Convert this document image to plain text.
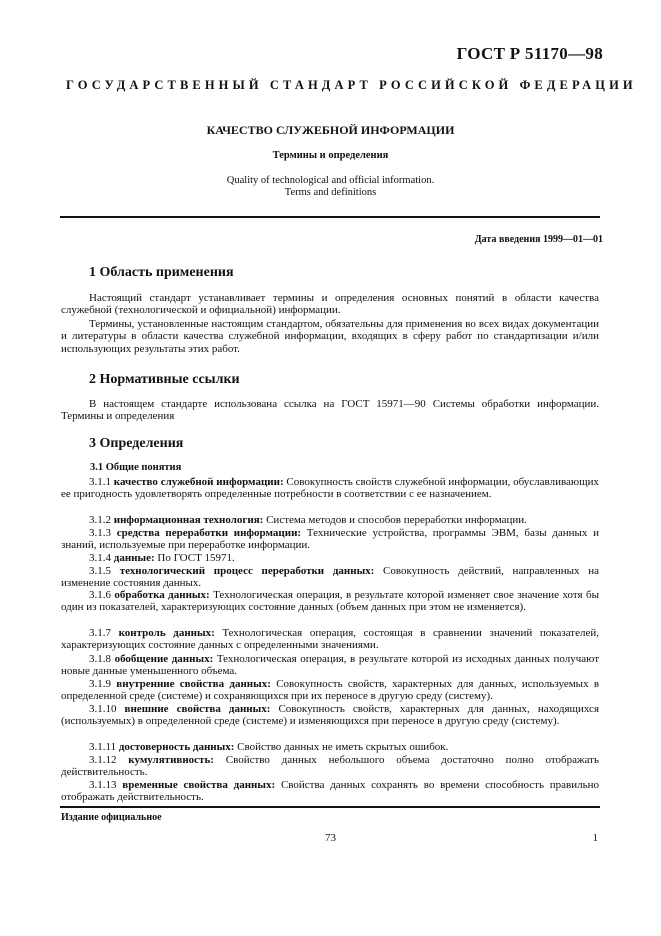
ГОСТ Р 51170—98
ГОСУДАРСТВЕННЫЙ СТАНДАРТ РОССИЙСКОЙ ФЕДЕРАЦИИ
КАЧЕСТВО СЛУЖЕБНОЙ ИНФОРМАЦИИ
Термины и определения
Quality of technological and official information.
Terms and definitions
Дата введения 1999—01—01
1 Область применения

Настоящий стандарт устанавливает термины и определения основных понятий в области качества служебной (технологической и официальной) информации.

Термины, установленные настоящим стандартом, обязательны для применения во всех видах документации и литературы в области качества служебной информации, входящих в сферу работ по стандартизации и/или использующих результаты этих работ.

2 Нормативные ссылки

В настоящем стандарте использована ссылка на ГОСТ 15971—90 Системы обработки информации. Термины и определения

3 Определения
3.1 Общие понятия

3.1.1 качество служебной информации: Совокупность свойств служебной информации, обуславливающих ее пригодность удовлетворять определенные потребности в соответствии с ее назначением.

3.1.2 информационная технология: Система методов и способов переработки информации.

3.1.3 средства переработки информации: Технические устройства, программы ЭВМ, базы данных и знаний, используемые при переработке информации.

3.1.4 данные: По ГОСТ 15971.

3.1.5 технологический процесс переработки данных: Совокупность действий, направленных на изменение состояния данных.

3.1.6 обработка данных: Технологическая операция, в результате которой изменяет свое значение хотя бы один из показателей, характеризующих состояние данных (объем данных при этом не изменяется).

3.1.7 контроль данных: Технологическая операция, состоящая в сравнении значений показателей, характеризующих состояние данных с определенными значениями.

3.1.8 обобщение данных: Технологическая операция, в результате которой из исходных данных получают новые данные уменьшенного объема.

3.1.9 внутренние свойства данных: Совокупность свойств, характерных для данных, используемых в определенной среде (системе) и сохраняющихся при их переносе в другую среду (систему).

3.1.10 внешние свойства данных: Совокупность свойств, характерных для данных, находящихся (используемых) в определенной среде (системе) и изменяющихся при переносе в другую среду (систему).

3.1.11 достоверность данных: Свойство данных не иметь скрытых ошибок.

3.1.12 кумулятивность: Свойство данных небольшого объема достаточно полно отображать действительность.

3.1.13 временные свойства данных: Свойства данных сохранять во времени способность правильно отображать действительность.

Издание официальное
73	1
